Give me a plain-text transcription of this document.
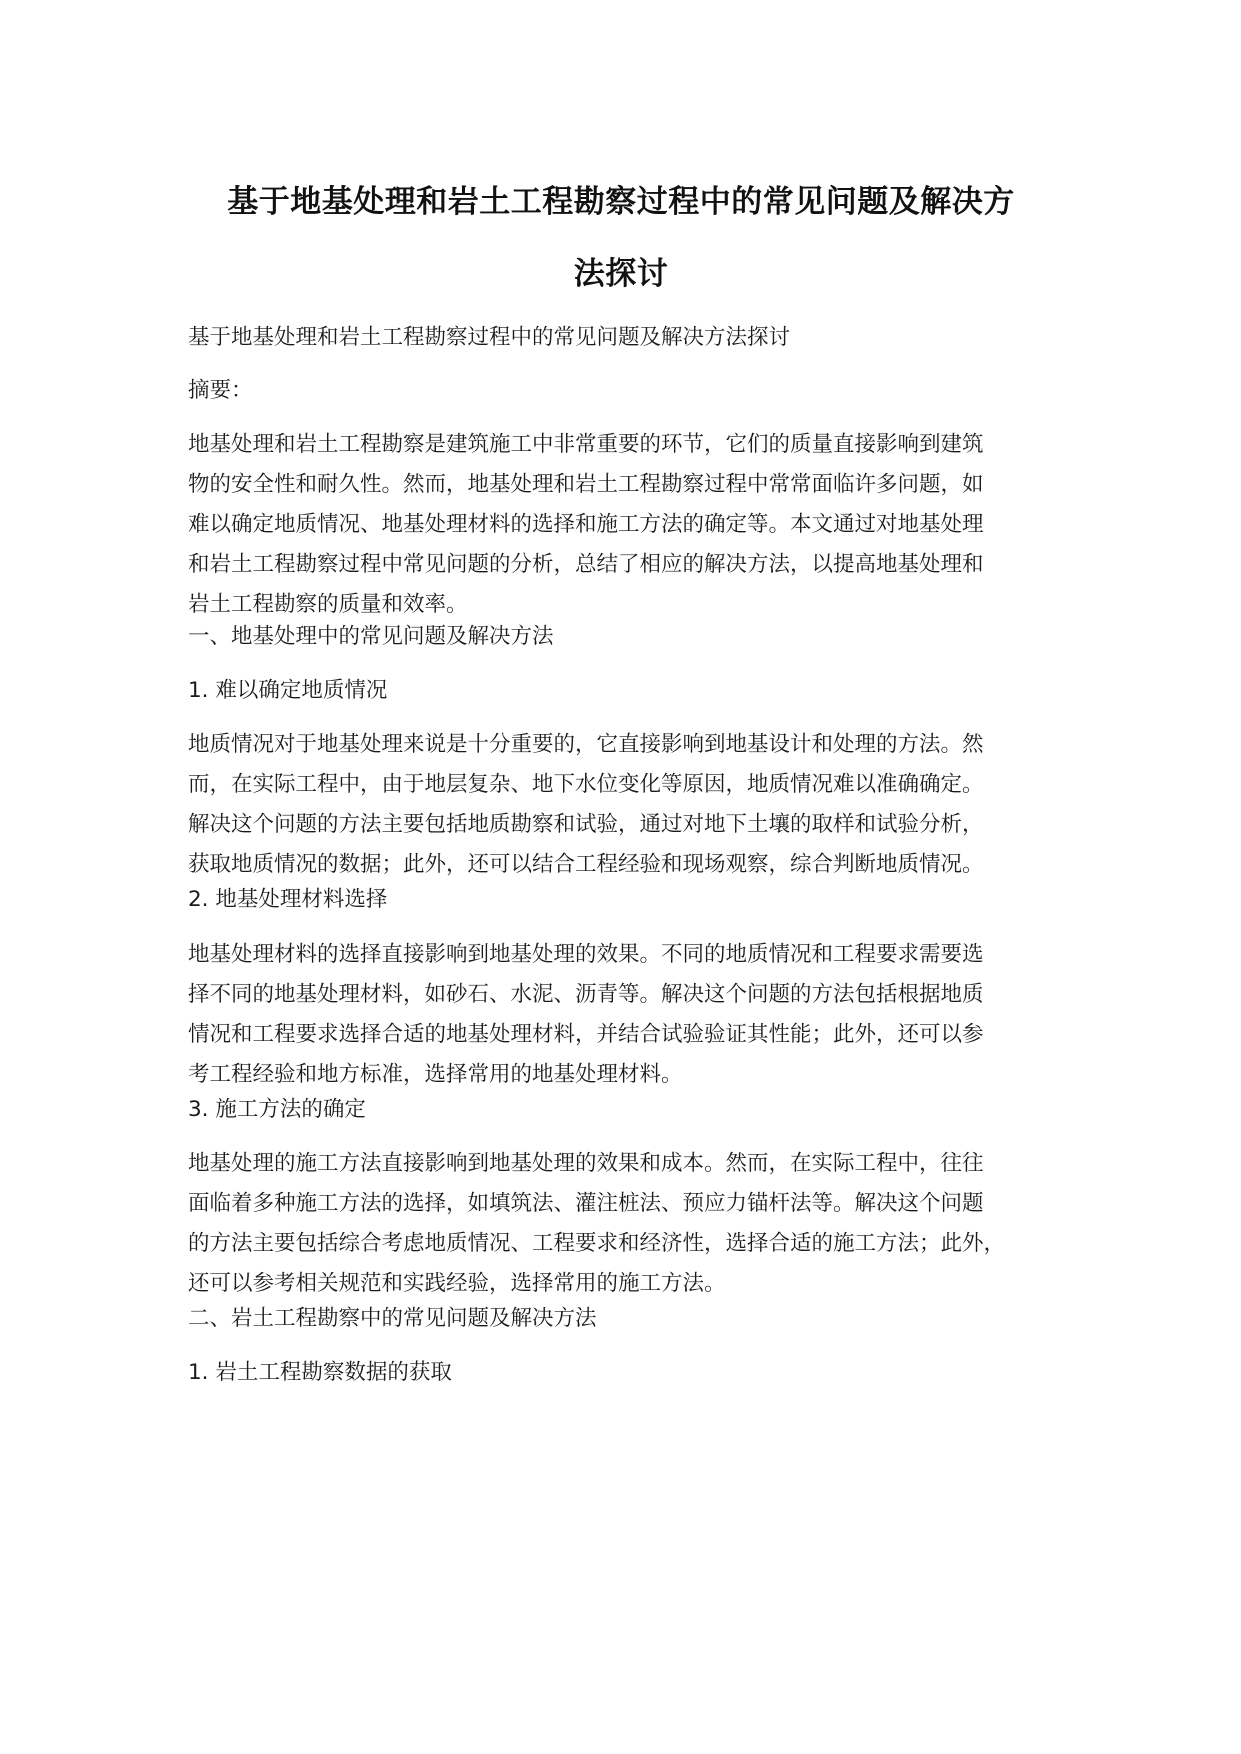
基于地基处理和岩土工程勘察过程中的常见问题及解决方
法探讨

基于地基处理和岩土工程勘察过程中的常见问题及解决方法探讨

摘要：

地基处理和岩土工程勘察是建筑施工中非常重要的环节，它们的质量直接影响到建筑
物的安全性和耐久性。然而，地基处理和岩土工程勘察过程中常常面临许多问题，如
难以确定地质情况、地基处理材料的选择和施工方法的确定等。本文通过对地基处理
和岩土工程勘察过程中常见问题的分析，总结了相应的解决方法，以提高地基处理和
岩土工程勘察的质量和效率。

一、地基处理中的常见问题及解决方法

1. 难以确定地质情况

地质情况对于地基处理来说是十分重要的，它直接影响到地基设计和处理的方法。然
而，在实际工程中，由于地层复杂、地下水位变化等原因，地质情况难以准确确定。
解决这个问题的方法主要包括地质勘察和试验，通过对地下土壤的取样和试验分析，
获取地质情况的数据；此外，还可以结合工程经验和现场观察，综合判断地质情况。

2. 地基处理材料选择

地基处理材料的选择直接影响到地基处理的效果。不同的地质情况和工程要求需要选
择不同的地基处理材料，如砂石、水泥、沥青等。解决这个问题的方法包括根据地质
情况和工程要求选择合适的地基处理材料，并结合试验验证其性能；此外，还可以参
考工程经验和地方标准，选择常用的地基处理材料。

3. 施工方法的确定

地基处理的施工方法直接影响到地基处理的效果和成本。然而，在实际工程中，往往
面临着多种施工方法的选择，如填筑法、灌注桩法、预应力锚杆法等。解决这个问题
的方法主要包括综合考虑地质情况、工程要求和经济性，选择合适的施工方法；此外，
还可以参考相关规范和实践经验，选择常用的施工方法。

二、岩土工程勘察中的常见问题及解决方法

1. 岩土工程勘察数据的获取
